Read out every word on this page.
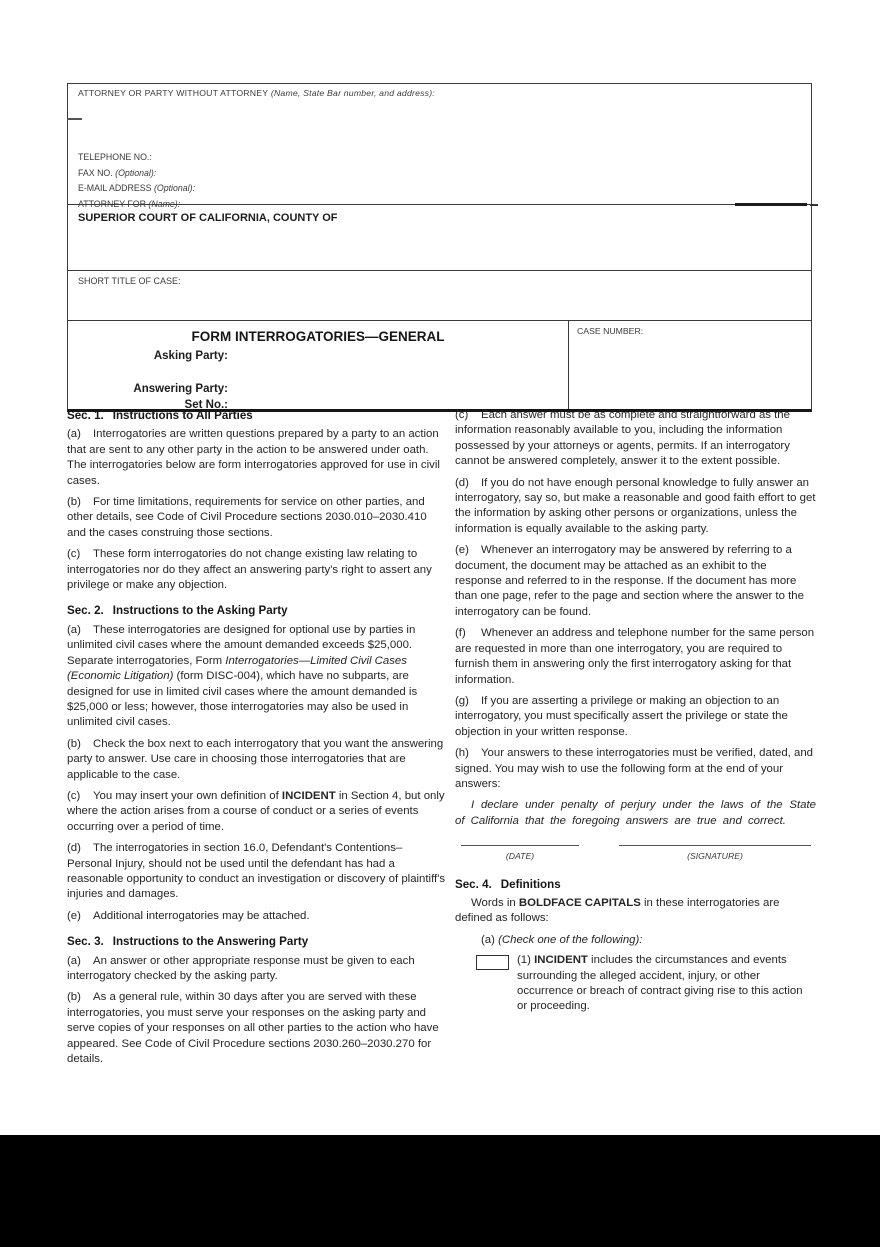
ATTORNEY OR PARTY WITHOUT ATTORNEY (Name, State Bar number, and address):
TELEPHONE NO.:
FAX NO. (Optional):
E-MAIL ADDRESS (Optional):
ATTORNEY FOR (Name):
SUPERIOR COURT OF CALIFORNIA, COUNTY OF
SHORT TITLE OF CASE:
FORM INTERROGATORIES—GENERAL
Asking Party:
Answering Party:
Set No.:
CASE NUMBER:
Sec. 1. Instructions to All Parties

(a) Interrogatories are written questions prepared by a party to an action that are sent to any other party in the action to be answered under oath. The interrogatories below are form interrogatories approved for use in civil cases.

(b) For time limitations, requirements for service on other parties, and other details, see Code of Civil Procedure sections 2030.010–2030.410 and the cases construing those sections.

(c) These form interrogatories do not change existing law relating to interrogatories nor do they affect an answering party's right to assert any privilege or make any objection.

Sec. 2. Instructions to the Asking Party

(a) These interrogatories are designed for optional use by parties in unlimited civil cases where the amount demanded exceeds $25,000. Separate interrogatories, Form Interrogatories—Limited Civil Cases (Economic Litigation) (form DISC-004), which have no subparts, are designed for use in limited civil cases where the amount demanded is $25,000 or less; however, those interrogatories may also be used in unlimited civil cases.

(b) Check the box next to each interrogatory that you want the answering party to answer. Use care in choosing those interrogatories that are applicable to the case.

(c) You may insert your own definition of INCIDENT in Section 4, but only where the action arises from a course of conduct or a series of events occurring over a period of time.

(d) The interrogatories in section 16.0, Defendant's Contentions–Personal Injury, should not be used until the defendant has had a reasonable opportunity to conduct an investigation or discovery of plaintiff's injuries and damages.

(e) Additional interrogatories may be attached.

Sec. 3. Instructions to the Answering Party

(a) An answer or other appropriate response must be given to each interrogatory checked by the asking party.

(b) As a general rule, within 30 days after you are served with these interrogatories, you must serve your responses on the asking party and serve copies of your responses on all other parties to the action who have appeared. See Code of Civil Procedure sections 2030.260–2030.270 for details.

(c) Each answer must be as complete and straightforward as the information reasonably available to you, including the information possessed by your attorneys or agents, permits. If an interrogatory cannot be answered completely, answer it to the extent possible.

(d) If you do not have enough personal knowledge to fully answer an interrogatory, say so, but make a reasonable and good faith effort to get the information by asking other persons or organizations, unless the information is equally available to the asking party.

(e) Whenever an interrogatory may be answered by referring to a document, the document may be attached as an exhibit to the response and referred to in the response. If the document has more than one page, refer to the page and section where the answer to the interrogatory can be found.

(f) Whenever an address and telephone number for the same person are requested in more than one interrogatory, you are required to furnish them in answering only the first interrogatory asking for that information.

(g) If you are asserting a privilege or making an objection to an interrogatory, you must specifically assert the privilege or state the objection in your written response.

(h) Your answers to these interrogatories must be verified, dated, and signed. You may wish to use the following form at the end of your answers:

I declare under penalty of perjury under the laws of the State of California that the foregoing answers are true and correct.

(DATE)	(SIGNATURE)
Sec. 4. Definitions

Words in BOLDFACE CAPITALS in these interrogatories are defined as follows:

(a) (Check one of the following):
(1) INCIDENT includes the circumstances and events surrounding the alleged accident, injury, or other occurrence or breach of contract giving rise to this action or proceeding.
